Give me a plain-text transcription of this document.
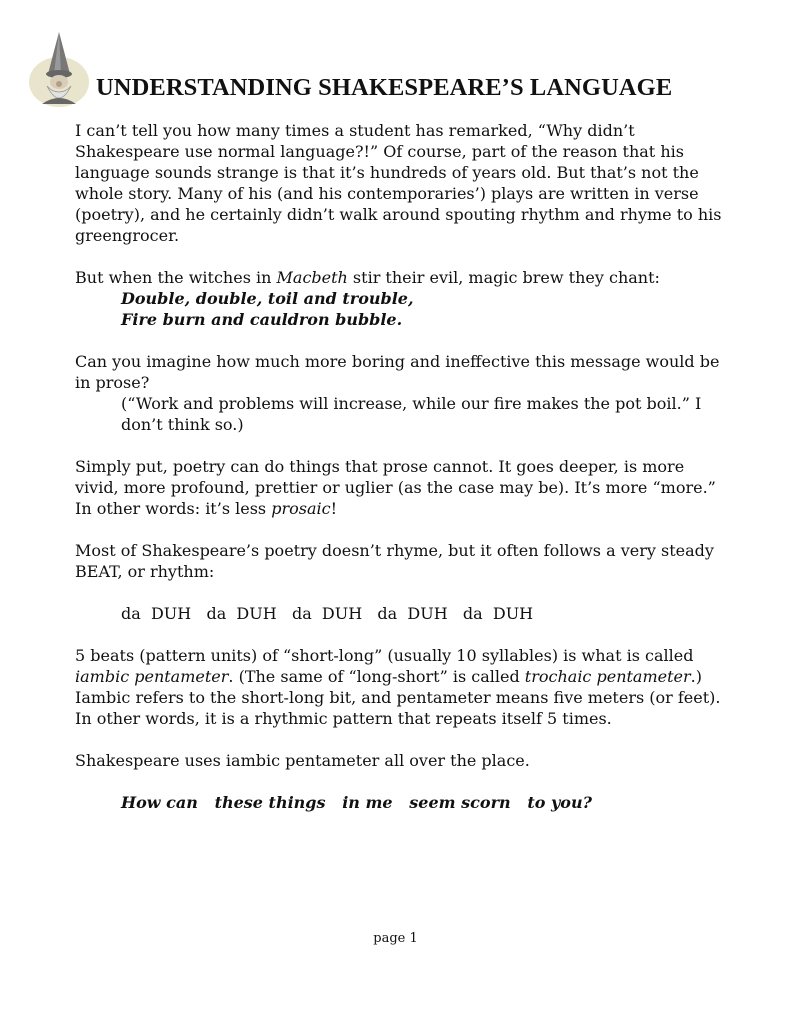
UNDERSTANDING SHAKESPEARE’S LANGUAGE

I can’t tell you how many times a student has remarked, “Why didn’t Shakespeare use normal language?!” Of course, part of the reason that his language sounds strange is that it’s hundreds of years old. But that’s not the whole story. Many of his (and his contemporaries’) plays are written in verse (poetry), and he certainly didn’t walk around spouting rhythm and rhyme to his greengrocer.

But when the witches in Macbeth stir their evil, magic brew they chant:

Double, double, toil and trouble,

Fire burn and cauldron bubble.

Can you imagine how much more boring and ineffective this message would be in prose?

(“Work and problems will increase, while our fire makes the pot boil.” I don’t think so.)

Simply put, poetry can do things that prose cannot. It goes deeper, is more vivid, more profound, prettier or uglier (as the case may be). It’s more “more.” In other words: it’s less prosaic!

Most of Shakespeare’s poetry doesn’t rhyme, but it often follows a very steady BEAT, or rhythm:

da  DUH   da  DUH   da  DUH   da  DUH   da  DUH

5 beats (pattern units) of “short-long” (usually 10 syllables) is what is called iambic pentameter. (The same of “long-short” is called trochaic pentameter.) Iambic refers to the short-long bit, and pentameter means five meters (or feet). In other words, it is a rhythmic pattern that repeats itself 5 times.

Shakespeare uses iambic pentameter all over the place.

How can   these things   in me   seem scorn   to you?

page 1
